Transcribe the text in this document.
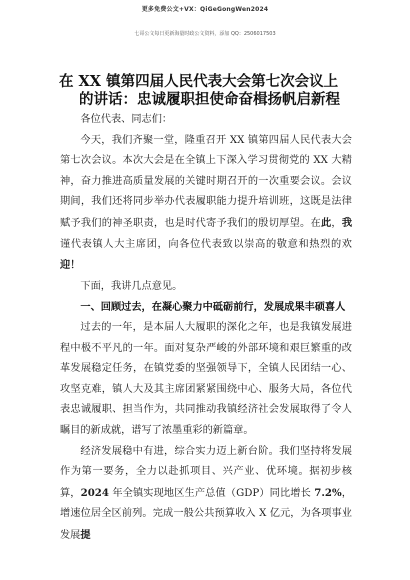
更多免费公文+VX：QiGeGongWen2024
七哥公文每日更新海量时政公文资料，添加 QQ：2506017503
在 XX 镇第四届人民代表大会第七次会议上
的讲话：忠诚履职担使命奋楫扬帆启新程

各位代表、同志们：

今天，我们齐聚一堂，隆重召开 XX 镇第四届人民代表大会第七次会议。本次大会是在全镇上下深入学习贯彻党的 XX 大精神，奋力推进高质量发展的关键时期召开的一次重要会议。会议期间，我们还将同步举办代表履职能力提升培训班，这既是法律赋予我们的神圣职责，也是时代寄予我们的殷切厚望。在此，我谨代表镇人大主席团，向各位代表致以崇高的敬意和热烈的欢迎！

下面，我讲几点意见。

一、回顾过去，在凝心聚力中砥砺前行，发展成果丰硕喜人

过去的一年，是本届人大履职的深化之年，也是我镇发展进程中极不平凡的一年。面对复杂严峻的外部环境和艰巨繁重的改革发展稳定任务，在镇党委的坚强领导下，全镇人民团结一心、攻坚克难，镇人大及其主席团紧紧围绕中心、服务大局，各位代表忠诚履职、担当作为，共同推动我镇经济社会发展取得了令人瞩目的新成就，谱写了浓墨重彩的新篇章。

经济发展稳中有进，综合实力迈上新台阶。我们坚持将发展作为第一要务，全力以赴抓项目、兴产业、优环境。据初步核算，2024 年全镇实现地区生产总值（GDP）同比增长 7.2%，增速位居全区前列。完成一般公共预算收入 X 亿元，为各项事业发展提
